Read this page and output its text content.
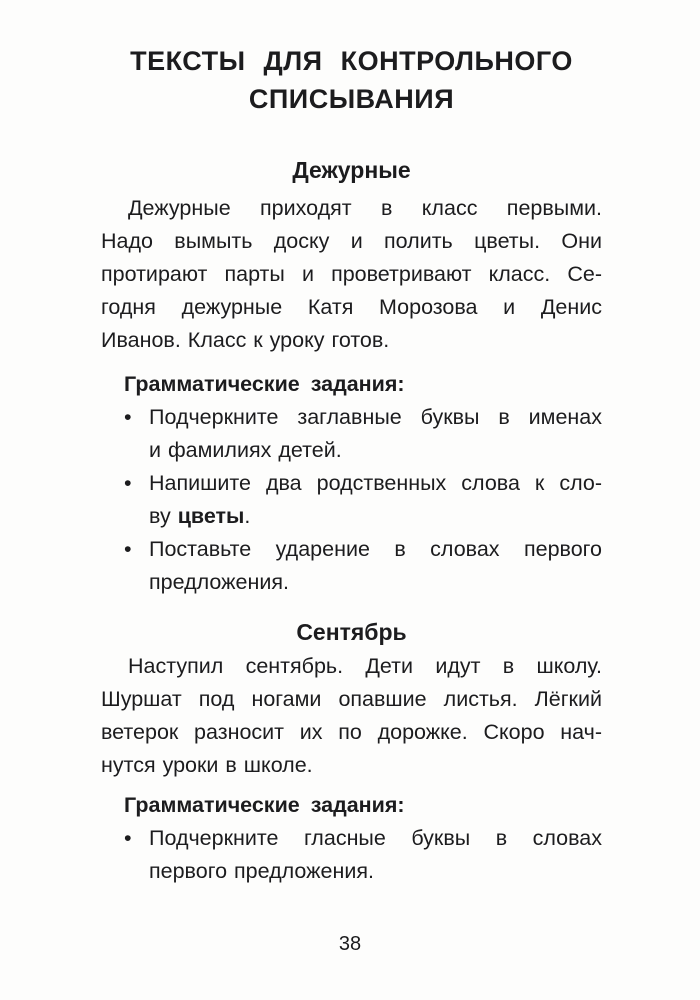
ТЕКСТЫ ДЛЯ КОНТРОЛЬНОГО
СПИСЫВАНИЯ
Дежурные
Дежурные приходят в класс первыми.
Надо вымыть доску и полить цветы. Они
протирают парты и проветривают класс. Се-
годня дежурные Катя Морозова и Денис
Иванов. Класс к уроку готов.
Грамматические задания:
• Подчеркните заглавные буквы в именах
и фамилиях детей.
• Напишите два родственных слова к сло-
ву цветы.
• Поставьте ударение в словах первого
предложения.
Сентябрь
Наступил сентябрь. Дети идут в школу.
Шуршат под ногами опавшие листья. Лёгкий
ветерок разносит их по дорожке. Скоро нач-
нутся уроки в школе.
Грамматические задания:
• Подчеркните гласные буквы в словах
первого предложения.
38
